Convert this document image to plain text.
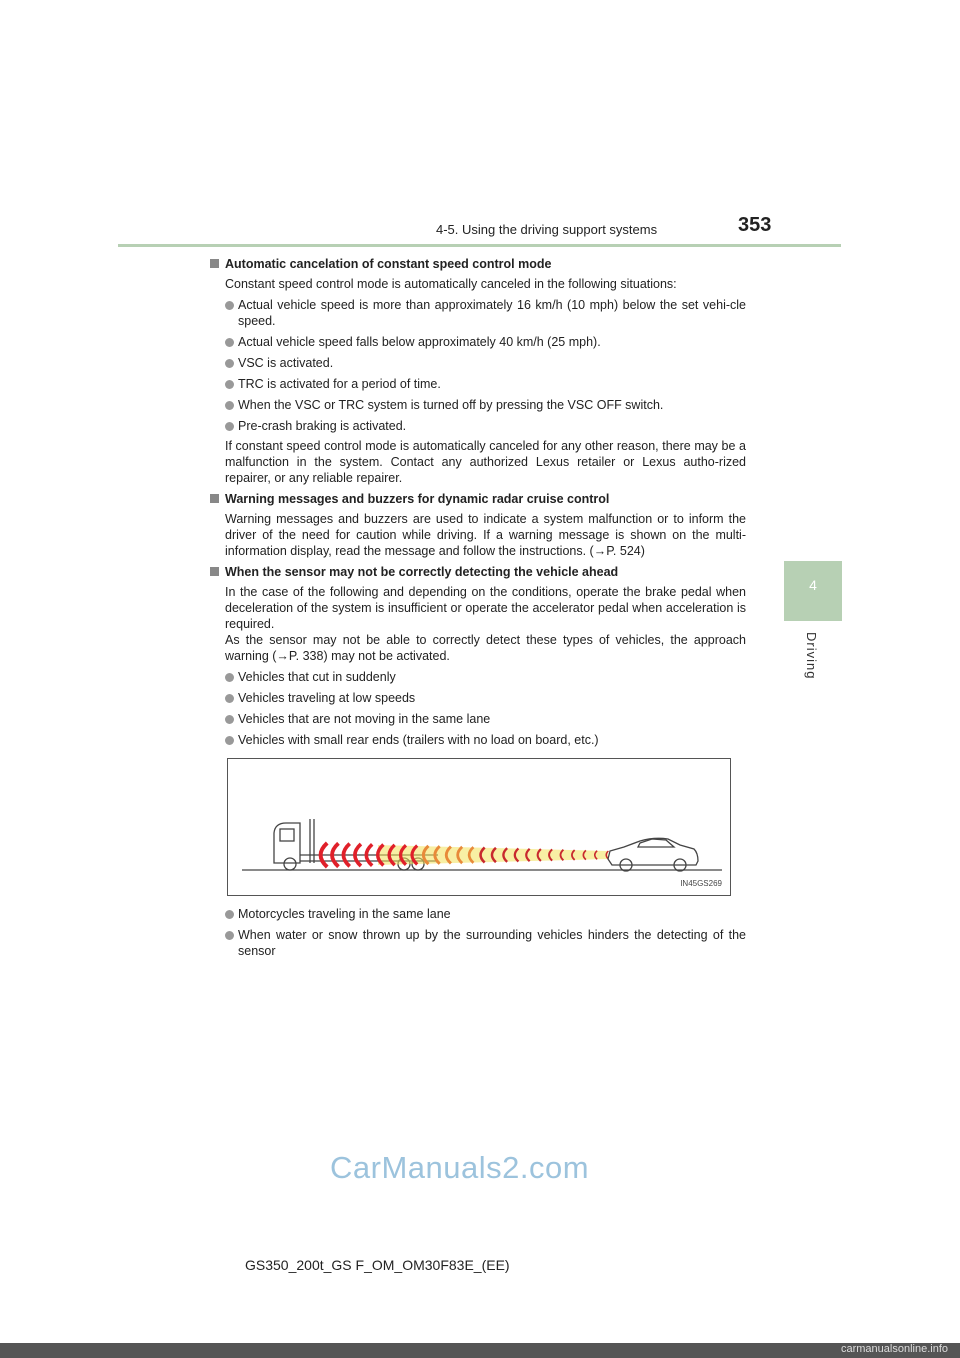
4-5. Using the driving support systems	353
4
Driving
Automatic cancelation of constant speed control mode

Constant speed control mode is automatically canceled in the following situations:

Actual vehicle speed is more than approximately 16 km/h (10 mph) below the set vehi-cle speed.
Actual vehicle speed falls below approximately 40 km/h (25 mph).
VSC is activated.
TRC is activated for a period of time.
When the VSC or TRC system is turned off by pressing the VSC OFF switch.
Pre-crash braking is activated.

If constant speed control mode is automatically canceled for any other reason, there may be a malfunction in the system. Contact any authorized Lexus retailer or Lexus autho-rized repairer, or any reliable repairer.

Warning messages and buzzers for dynamic radar cruise control

Warning messages and buzzers are used to indicate a system malfunction or to inform the driver of the need for caution while driving. If a warning message is shown on the multi-information display, read the message and follow the instructions. (→P. 524)

When the sensor may not be correctly detecting the vehicle ahead

In the case of the following and depending on the conditions, operate the brake pedal when deceleration of the system is insufficient or operate the accelerator pedal when acceleration is required.

As the sensor may not be able to correctly detect these types of vehicles, the approach warning (→P. 338) may not be activated.

Vehicles that cut in suddenly
Vehicles traveling at low speeds
Vehicles that are not moving in the same lane
Vehicles with small rear ends (trailers with no load on board, etc.)
IN45GS269
Motorcycles traveling in the same lane
When water or snow thrown up by the surrounding vehicles hinders the detecting of the sensor
GS350_200t_GS F_OM_OM30F83E_(EE)
CarManuals2.com
carmanualsonline.info
